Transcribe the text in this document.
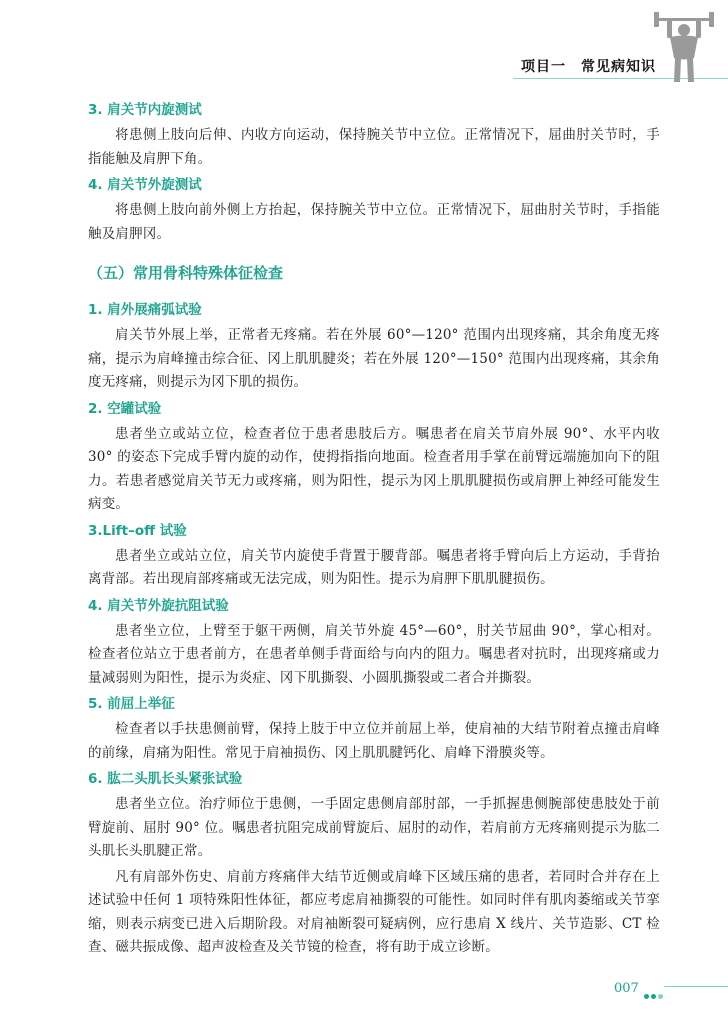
项目一　常见病知识
3. 肩关节内旋测试

将患侧上肢向后伸、内收方向运动，保持腕关节中立位。正常情况下，屈曲肘关节时，手指能触及肩胛下角。

4. 肩关节外旋测试

将患侧上肢向前外侧上方抬起，保持腕关节中立位。正常情况下，屈曲肘关节时，手指能触及肩胛冈。

（五）常用骨科特殊体征检查
1. 肩外展痛弧试验

肩关节外展上举，正常者无疼痛。若在外展 60°—120° 范围内出现疼痛，其余角度无疼痛，提示为肩峰撞击综合征、冈上肌肌腱炎；若在外展 120°—150° 范围内出现疼痛，其余角度无疼痛，则提示为冈下肌的损伤。

2. 空罐试验

患者坐立或站立位，检查者位于患者患肢后方。嘱患者在肩关节肩外展 90°、水平内收 30° 的姿态下完成手臂内旋的动作，使拇指指向地面。检查者用手掌在前臂远端施加向下的阻力。若患者感觉肩关节无力或疼痛，则为阳性，提示为冈上肌肌腱损伤或肩胛上神经可能发生病变。

3.Lift–off 试验

患者坐立或站立位，肩关节内旋使手背置于腰背部。嘱患者将手臂向后上方运动，手背抬离背部。若出现肩部疼痛或无法完成，则为阳性。提示为肩胛下肌肌腱损伤。

4. 肩关节外旋抗阻试验

患者坐立位，上臂至于躯干两侧，肩关节外旋 45°—60°，肘关节屈曲 90°，掌心相对。检查者位站立于患者前方，在患者单侧手背面给与向内的阻力。嘱患者对抗时，出现疼痛或力量减弱则为阳性，提示为炎症、冈下肌撕裂、小圆肌撕裂或二者合并撕裂。

5. 前屈上举征

检查者以手扶患侧前臂，保持上肢于中立位并前屈上举，使肩袖的大结节附着点撞击肩峰的前缘，肩痛为阳性。常见于肩袖损伤、冈上肌肌腱钙化、肩峰下滑膜炎等。

6. 肱二头肌长头紧张试验

患者坐立位。治疗师位于患侧，一手固定患侧肩部肘部，一手抓握患侧腕部使患肢处于前臂旋前、屈肘 90° 位。嘱患者抗阻完成前臂旋后、屈肘的动作，若肩前方无疼痛则提示为肱二头肌长头肌腱正常。

凡有肩部外伤史、肩前方疼痛伴大结节近侧或肩峰下区域压痛的患者，若同时合并存在上述试验中任何 1 项特殊阳性体征，都应考虑肩袖撕裂的可能性。如同时伴有肌肉萎缩或关节挛缩，则表示病变已进入后期阶段。对肩袖断裂可疑病例，应行患肩 X 线片、关节造影、CT 检查、磁共振成像、超声波检查及关节镜的检查，将有助于成立诊断。

007
